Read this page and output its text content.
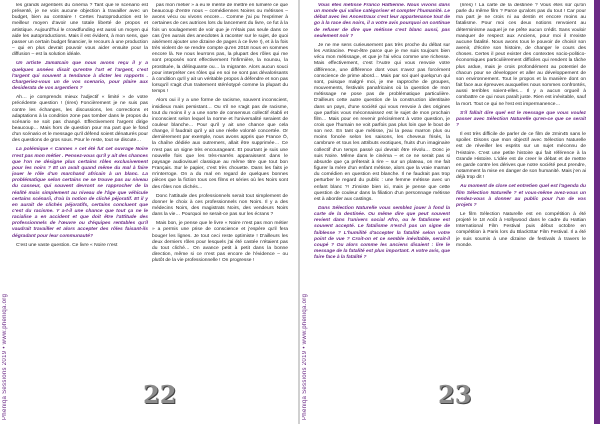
Pheniqa Sessions 2019 • www.pheniqa.org

les grands argentiers du cinéma ? Tant que le scenario est présenté, je ne vois aucune objection à travailler avec un budget, bien au contraire ! Certes l'autoproduction est le meilleur moyen d'avoir une totale liberté de propos et artistique. Aujourd'hui le crowdfunding est aussi un moyen qui aide les autoproductions. Mais il est évident, à mon sens, que passer un certain budget financier, le recours à une production – qui en plus devrait pouvoir vous aider ensuite pour la diffusion – est la solution idéale.

Un artiste Jamaïcain que nous avons reçu il y a quelques années disait qu'entre l'art et l'argent, c'est l'argent qui souvent a tendance à dicter les rapports . Chargeriez-vous un de vos scenario, pour plaire aux desiderata de vos argentiers ?

Ah… je comprends mieux l'adjectif « limité » de votre précédente question ! (rires) Foncièrement je ne suis pas contre les échanges, les discussions, les corrections et adaptations à la condition zone pas tomber dans le propos du scénario ne soit pas changé. Effectivement l'argent dirige beaucoup… Mais hors de question pour ma part que le fond d'un scénario et le message qu'il défend soient dénaturés pour des questions de gros sous. Pour le reste, tout se discute…

La polémique « Cannes » cet été fut cet ouvrage Noire n'est pas mon métier . Pensez-vous qu'il y ait des chances que l'on ne désigne plus certains rôles exclusivement pour les noirs ? Et un avait quand même du mal à faire jouer le rôle d'un marchand africain à un blanc. La problématique selon certains ne se trouve pas au niveau du casseur, qui souvent devront se rapprocher de la réalité mais simplement au niveau de l'âge que véhicule certains scénarii, d'où la notion de cliché péjoratif. Et il y en aurait de clichés péjoratifs, certains concluent que c'est du racisme. Y a-t-il une chance que tout ça ne le racialise a en accident et que doit être l'attitude des professionnels de l'œuvre ou d'équipes rentables qu'il vaudrait travailler et alors accepter des rôles faisant-ils dégradant pour leur communauté?

C'est une vaste question. Ce livre « Noire n'est

pas mon métier » a eu le mérite de mettre en lumière ce que beaucoup d'entre nous – comédiennes Noires ou métisses – avons vécu ou vivons encore… Comme j'ai pu l'exprimer à certaines de ces autrices lors du lancement du livre, ce fut à la fois un soulagement de voir que je n'étais pas seule dans ce cas (j'en aurais des anecdotes à raconter sur le sujet, de quoi aisément ajouter une dizaine de pages à ce livre !), et à la fois très violent de se rendre compte qu'en 2018 nous en sommes encore là. Ne nous leurrons pas, la plupart des rôles qui me sont proposés sont effectivement l'infirmière, la nounou, la prostituée, la délinquante ou… la migrante. Alors aucun souci pour interpréter ces rôles qui en soi ne sont pas dévalorisants à condition qu'il y ait un véritable propos à défendre et non pas lorsqu'il s'agit d'un traitement stéréotypé comme la plupart du temps !

Alors oui il y a une forme de racisme, souvent inconscient, insidieux mais persistant… Ou s'il ne s'agit pas de racisme, tout du moins il y a une sorte de consensus collectif établi et inconscient selon lequel la norme et l'universalité seraient de couleur blanche… Pour qu'il y ait une chance que cela change, il faudrait qu'il y ait une réelle volonté concertée. Or dernièrement par exemple, nous avons appris que France Ô, la chaîne dédiée aux outremers, allait être supprimée… Ce n'est pas un signe très encourageant. Et pourtant je suis une nouvelle fois que les très-marrés apparaissent dans le paysage audiovisuel classique au même titre que tout bon Français. Sur le papier, c'est très chouette. Dans les faits je m'interroge. On a du mal en regard de quelques bonnes pièces que la fiction tous ces films et séries où les Noirs sont des rôles non clichés…

Donc l'attitude des professionnels serait tout simplement de donner le choix à ces professionnels non Noirs. Il y a des médecins Noirs, des magistrats Noirs, des vendeurs Noirs dans la vie… Pourquoi ne serait-ce pas sur les écrans ?

Mais bon, je pense que le livre « Noire n'est pas mon métier » a permis une prise de conscience et j'espère qu'il fera bouger les lignes. Je tout ceci reste optimiste ! D'ailleurs les deux derniers rôles pour lesquels j'ai été castée n'étaient pas du tout cliché… On avance petit à petit dans la bonne direction, même si ce n'est pas encore de l'évidence – ou plutôt de la vie professionnelle ! On progresse !

22	Pheniqa Sessions 2019 • www.pheniqa.org

Vous êtes métisse Franco Haïtienne. Nous vivons dans un monde qui valise catégoriser et compter l'humanité. Le débat avec les Ancestraux c'est leur appartenance tout de go à la race des noirs, il a votre avis pourquoi on continue de refuser de dire que métisse c'est blanc aussi, pas seulement noir ?

Je ne me sens curieusement pas très proche du débat sur les Antiracine. Peut-être parce que je me suis toujours bien vécu mon métissage, et que je l'ai vécu comme une richesse. Mais effectivement, c'est l'Autre qui vous renvoie votre différence, une différence dont vous n'avez pas forcément conscience de prime abord… Mais par soi quel quelqu'un qui sont, puisque malgré moi, je me rapproche de groupes, mouvements, festivals panafricains où la question de mon métissage ne pose pas de problématique particulière. D'ailleurs cette autre question de la construction identitaire dans un pays, d'une société qui vous renvoie à des origines que parfois vous méconnaissez est le sujet de mon prochain film… Mais pour en revenir précisément à votre question, je crois que l'humain ne voit parfois pas plus loin que le bout de son nez. En tant que métisse, j'ai la peau marron plus ou moins foncée selon les saisons, les cheveux frisés, la cambrure et tous les attributs exotiques, fruits d'un imaginaire collectif d'un temps passé qui devrait être révolu… Donc je suis Noire. Même dans le cinéma – et ce ne serait pas si absurde que ça prêterait à rire – sur un plateau, on me fait figurer la mère d'un enfant métisse, alors que la vraie maman du comédien en question est blanche. Il ne faudrait pas trop perturber le regard du public : une femme métisse avec un enfant blanc ?! J'insiste bien ici, mais je pense que cette question de couleur dans la filiation d'un personnage métisse est à aborder aux castings.

Dans Sélection Naturelle vous semblez jouer à fond la carte de la destinée. Ou même dire que peut souvent revient dans l'univers social Afro, ou le fatalisme est souvent accepté. Le fatalisme n'est-il pas un signe de faiblesse ? L'humilité d'accepter la fatalité selon votre point de vue ? Croit-on et ce semble inévitable, serait-il coupé ? Ou alors comme les anciens disaient : lire le message de la fatalité est plus important. A votre avis, que faire face à la fatalité ?

(rires) ! La carte de la destinée ? Vous êtes sûr qu'on parle du même film ? Parce qu'alors pas du tout ! Car pour ma part je ne crois ni au destin et encore moins au fatalisme. Pour moi ces deux notions renvoient au déterminisme auquel je ne prête aucun crédit. Sans vouloir manquer de respect aux Anciens, pour moi il n'existe aucune fatalité. Nous avons tous le pouvoir de choisir son avenir, d'écrire son histoire, de changer le cours des choses. Certes il peut exister des contextes socio-politico-économiques particulièrement difficiles qui rendent la tâche plus ardue, mais je crois profondément au potentiel de chacun pour se développer et aller au développement de son environnement. Tout le propos et la manière dont on fait face aux épreuves auxquelles nous sommes confrontés, aussi terribles soient-elles… Il y a aucun orgueil à combattre ce qui nous paraît juste. Rien est inévitable, sauf la mort. Tout ce qui ne l'est est impermanence…

S'il fallait dire quel est le message que vous voulez passer avec Sélection Naturelle qu'en-ce que ce serait ?

Il est très difficile de parler de ce film de 2min45 sans le spoiler. Disons que mon objectif avec Sélection Naturelle est de réveiller les esprits sur un sujet méconnu de l'Histoire. C'est une petite histoire qui fait référence à la Grande Histoire. L'idée est de creer le débat et de mettre en garde contre les dérives que notre société peut prendre, notamment la mise en danger de son humanité. Mais j'en ai déjà trop dit !

Au moment de clore cet entretien quel est l'agenda du film Sélection Naturelle ? et vous-même avez-vous un rendez-vous à donner au public pour l'un de vos projets ?

Le film Sélection Naturelle est en compétition à été projeté le 18 Août à Hollywood dans le cadre du Haïtian International Film Festival puis début octobre en compétition à Paris lors du BlackStar Film Festival. Il a été je suis soumis à une dizaine de festivals à travers le monde.

23
